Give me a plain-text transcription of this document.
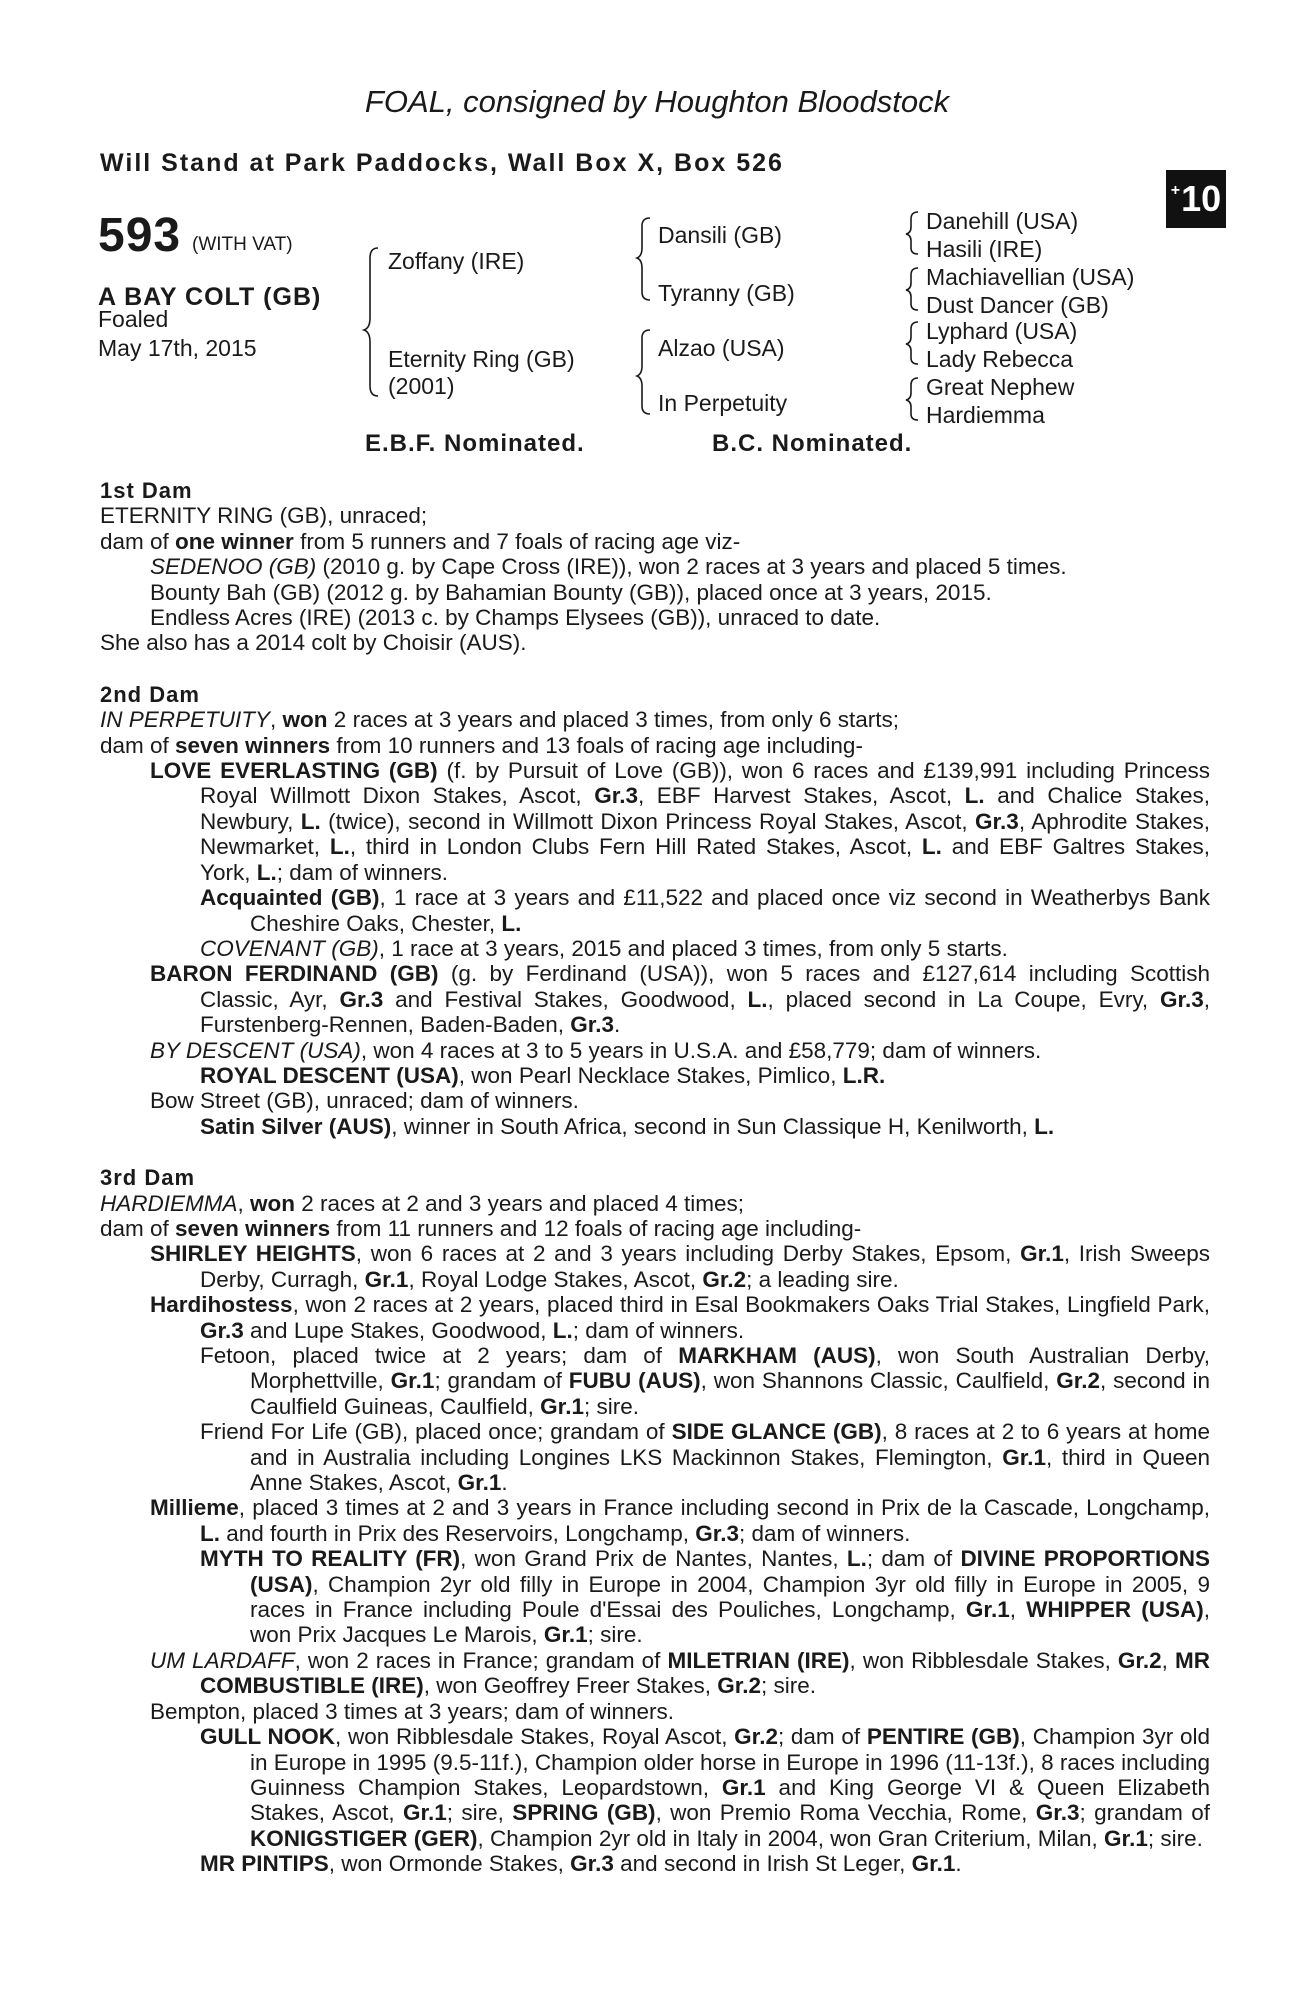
FOAL, consigned by Houghton Bloodstock
Will Stand at Park Paddocks, Wall Box X, Box 526
+ 10
593 (WITH VAT)
A BAY COLT (GB)
Foaled
May 17th, 2015
Zoffany (IRE)
Eternity Ring (GB)
(2001)
Dansili (GB)
Tyranny (GB)
Alzao (USA)
In Perpetuity
Danehill (USA)
Hasili (IRE)
Machiavellian (USA)
Dust Dancer (GB)
Lyphard (USA)
Lady Rebecca
Great Nephew
Hardiemma
E.B.F. Nominated.	B.C. Nominated.

1st Dam

ETERNITY RING (GB), unraced;

dam of one winner from 5 runners and 7 foals of racing age viz-

SEDENOO (GB) (2010 g. by Cape Cross (IRE)), won 2 races at 3 years and placed 5 times.

Bounty Bah (GB) (2012 g. by Bahamian Bounty (GB)), placed once at 3 years, 2015.

Endless Acres (IRE) (2013 c. by Champs Elysees (GB)), unraced to date.

She also has a 2014 colt by Choisir (AUS).

2nd Dam

IN PERPETUITY, won 2 races at 3 years and placed 3 times, from only 6 starts;

dam of seven winners from 10 runners and 13 foals of racing age including-

LOVE EVERLASTING (GB) (f. by Pursuit of Love (GB)), won 6 races and £139,991 including Princess Royal Willmott Dixon Stakes, Ascot, Gr.3, EBF Harvest Stakes, Ascot, L. and Chalice Stakes, Newbury, L. (twice), second in Willmott Dixon Princess Royal Stakes, Ascot, Gr.3, Aphrodite Stakes, Newmarket, L., third in London Clubs Fern Hill Rated Stakes, Ascot, L. and EBF Galtres Stakes, York, L.; dam of winners.

Acquainted (GB), 1 race at 3 years and £11,522 and placed once viz second in Weatherbys Bank Cheshire Oaks, Chester, L.

COVENANT (GB), 1 race at 3 years, 2015 and placed 3 times, from only 5 starts.

BARON FERDINAND (GB) (g. by Ferdinand (USA)), won 5 races and £127,614 including Scottish Classic, Ayr, Gr.3 and Festival Stakes, Goodwood, L., placed second in La Coupe, Evry, Gr.3, Furstenberg-Rennen, Baden-Baden, Gr.3.

BY DESCENT (USA), won 4 races at 3 to 5 years in U.S.A. and £58,779; dam of winners.

ROYAL DESCENT (USA), won Pearl Necklace Stakes, Pimlico, L.R.

Bow Street (GB), unraced; dam of winners.

Satin Silver (AUS), winner in South Africa, second in Sun Classique H, Kenilworth, L.

3rd Dam

HARDIEMMA, won 2 races at 2 and 3 years and placed 4 times;

dam of seven winners from 11 runners and 12 foals of racing age including-

SHIRLEY HEIGHTS, won 6 races at 2 and 3 years including Derby Stakes, Epsom, Gr.1, Irish Sweeps Derby, Curragh, Gr.1, Royal Lodge Stakes, Ascot, Gr.2; a leading sire.

Hardihostess, won 2 races at 2 years, placed third in Esal Bookmakers Oaks Trial Stakes, Lingfield Park, Gr.3 and Lupe Stakes, Goodwood, L.; dam of winners.

Fetoon, placed twice at 2 years; dam of MARKHAM (AUS), won South Australian Derby, Morphettville, Gr.1; grandam of FUBU (AUS), won Shannons Classic, Caulfield, Gr.2, second in Caulfield Guineas, Caulfield, Gr.1; sire.

Friend For Life (GB), placed once; grandam of SIDE GLANCE (GB), 8 races at 2 to 6 years at home and in Australia including Longines LKS Mackinnon Stakes, Flemington, Gr.1, third in Queen Anne Stakes, Ascot, Gr.1.

Millieme, placed 3 times at 2 and 3 years in France including second in Prix de la Cascade, Longchamp, L. and fourth in Prix des Reservoirs, Longchamp, Gr.3; dam of winners.

MYTH TO REALITY (FR), won Grand Prix de Nantes, Nantes, L.; dam of DIVINE PROPORTIONS (USA), Champion 2yr old filly in Europe in 2004, Champion 3yr old filly in Europe in 2005, 9 races in France including Poule d'Essai des Pouliches, Longchamp, Gr.1, WHIPPER (USA), won Prix Jacques Le Marois, Gr.1; sire.

UM LARDAFF, won 2 races in France; grandam of MILETRIAN (IRE), won Ribblesdale Stakes, Gr.2, MR COMBUSTIBLE (IRE), won Geoffrey Freer Stakes, Gr.2; sire.

Bempton, placed 3 times at 3 years; dam of winners.

GULL NOOK, won Ribblesdale Stakes, Royal Ascot, Gr.2; dam of PENTIRE (GB), Champion 3yr old in Europe in 1995 (9.5-11f.), Champion older horse in Europe in 1996 (11-13f.), 8 races including Guinness Champion Stakes, Leopardstown, Gr.1 and King George VI & Queen Elizabeth Stakes, Ascot, Gr.1; sire, SPRING (GB), won Premio Roma Vecchia, Rome, Gr.3; grandam of KONIGSTIGER (GER), Champion 2yr old in Italy in 2004, won Gran Criterium, Milan, Gr.1; sire.

MR PINTIPS, won Ormonde Stakes, Gr.3 and second in Irish St Leger, Gr.1.
